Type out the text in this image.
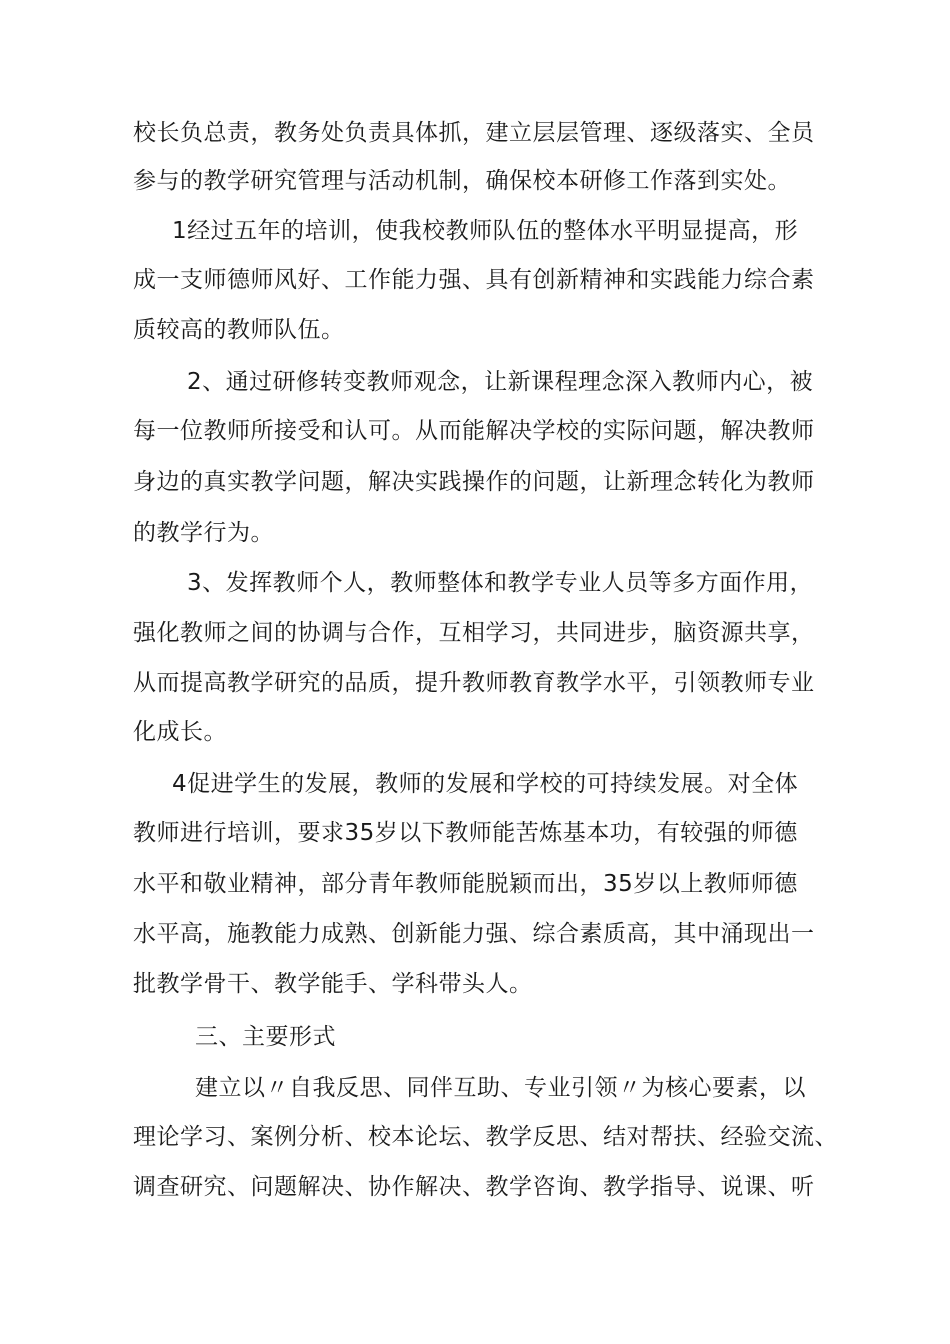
校长负总责，教务处负责具体抓，建立层层管理、逐级落实、全员
参与的教学研究管理与活动机制，确保校本研修工作落到实处。
1经过五年的培训，使我校教师队伍的整体水平明显提高，形
成一支师德师风好、工作能力强、具有创新精神和实践能力综合素
质较高的教师队伍。
2、通过研修转变教师观念，让新课程理念深入教师内心，被
每一位教师所接受和认可。从而能解决学校的实际问题，解决教师
身边的真实教学问题，解决实践操作的问题，让新理念转化为教师
的教学行为。
3、发挥教师个人，教师整体和教学专业人员等多方面作用，
强化教师之间的协调与合作，互相学习，共同进步，脑资源共享，
从而提高教学研究的品质，提升教师教育教学水平，引领教师专业
化成长。
4促进学生的发展，教师的发展和学校的可持续发展。对全体
教师进行培训，要求35岁以下教师能苦炼基本功，有较强的师德
水平和敬业精神，部分青年教师能脱颖而出，35岁以上教师师德
水平高，施教能力成熟、创新能力强、综合素质高，其中涌现出一
批教学骨干、教学能手、学科带头人。
三、主要形式
建立以〃自我反思、同伴互助、专业引领〃为核心要素，以
理论学习、案例分析、校本论坛、教学反思、结对帮扶、经验交流、
调查研究、问题解决、协作解决、教学咨询、教学指导、说课、听
